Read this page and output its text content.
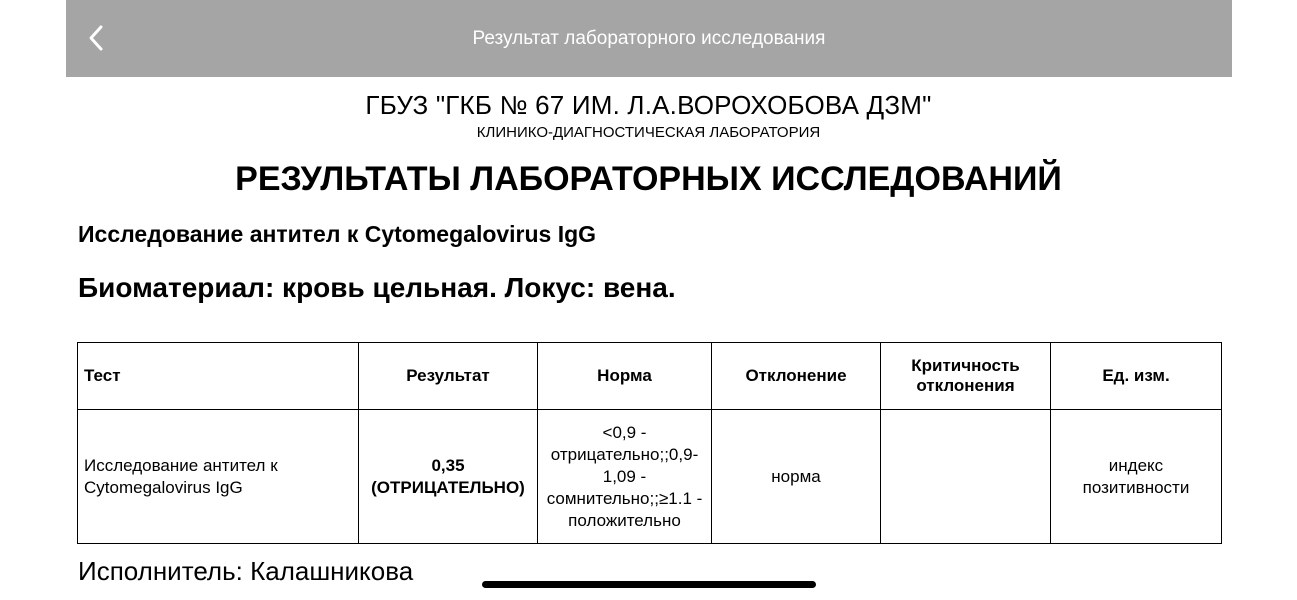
Результат лабораторного исследования
ГБУЗ "ГКБ № 67 ИМ. Л.А.ВОРОХОБОВА ДЗМ"
КЛИНИКО-ДИАГНОСТИЧЕСКАЯ ЛАБОРАТОРИЯ
РЕЗУЛЬТАТЫ ЛАБОРАТОРНЫХ ИССЛЕДОВАНИЙ
Исследование антител к Cytomegalovirus IgG
Биоматериал: кровь цельная. Локус: вена.
Тест	Результат	Норма	Отклонение	Критичность отклонения	Ед. изм.
Исследование антител к Cytomegalovirus IgG	0,35 (ОТРИЦАТЕЛЬНО)	<0,9 - отрицательно;;0,9-1,09 - сомнительно;;≥1.1 - положительно	норма		индекс позитивности
Исполнитель: Калашникова
